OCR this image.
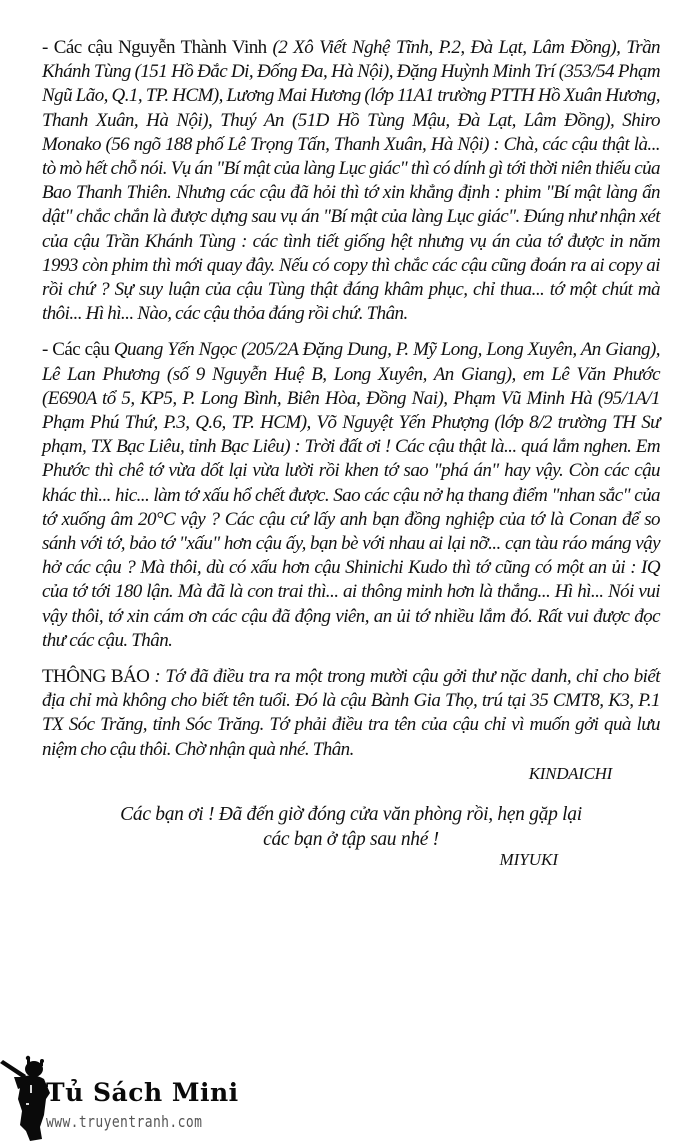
- Các cậu Nguyễn Thành Vinh (2 Xô Viết Nghệ Tĩnh, P.2, Đà Lạt, Lâm Đồng), Trần Khánh Tùng (151 Hồ Đắc Di, Đống Đa, Hà Nội), Đặng Huỳnh Minh Trí (353/54 Phạm Ngũ Lão, Q.1, TP. HCM), Lương Mai Hương (lớp 11A1 trường PTTH Hồ Xuân Hương, Thanh Xuân, Hà Nội), Thuý An (51D Hồ Tùng Mậu, Đà Lạt, Lâm Đồng), Shiro Monako (56 ngõ 188 phố Lê Trọng Tấn, Thanh Xuân, Hà Nội) : Chà, các cậu thật là... tò mò hết chỗ nói. Vụ án "Bí mật của làng Lục giác" thì có dính gì tới thời niên thiếu của Bao Thanh Thiên. Nhưng các cậu đã hỏi thì tớ xin khẳng định : phim "Bí mật làng ẩn dật" chắc chắn là được dựng sau vụ án "Bí mật của làng Lục giác". Đúng như nhận xét của cậu Trần Khánh Tùng : các tình tiết giống hệt nhưng vụ án của tớ được in năm 1993 còn phim thì mới quay đây. Nếu có copy thì chắc các cậu cũng đoán ra ai copy ai rồi chứ ? Sự suy luận của cậu Tùng thật đáng khâm phục, chỉ thua... tớ một chút mà thôi... Hì hì... Nào, các cậu thỏa đáng rồi chứ. Thân.

- Các cậu Quang Yến Ngọc (205/2A Đặng Dung, P. Mỹ Long, Long Xuyên, An Giang), Lê Lan Phương (số 9 Nguyễn Huệ B, Long Xuyên, An Giang), em Lê Văn Phước (E690A tổ 5, KP5, P. Long Bình, Biên Hòa, Đồng Nai), Phạm Vũ Minh Hà (95/1A/1 Phạm Phú Thứ, P.3, Q.6, TP. HCM), Võ Nguyệt Yến Phượng (lớp 8/2 trường TH Sư phạm, TX Bạc Liêu, tỉnh Bạc Liêu) : Trời đất ơi ! Các cậu thật là... quá lắm nghen. Em Phước thì chê tớ vừa dốt lại vừa lười rồi khen tớ sao "phá án" hay vậy. Còn các cậu khác thì... hic... làm tớ xấu hổ chết được. Sao các cậu nở hạ thang điểm "nhan sắc" của tớ xuống âm 20°C vậy ? Các cậu cứ lấy anh bạn đồng nghiệp của tớ là Conan để so sánh với tớ, bảo tớ "xấu" hơn cậu ấy, bạn bè với nhau ai lại nỡ... cạn tàu ráo máng vậy hở các cậu ? Mà thôi, dù có xấu hơn cậu Shinichi Kudo thì tớ cũng có một an ủi : IQ của tớ tới 180 lận. Mà đã là con trai thì... ai thông minh hơn là thắng... Hì hì... Nói vui vậy thôi, tớ xin cám ơn các cậu đã động viên, an ủi tớ nhiều lắm đó. Rất vui được đọc thư các cậu. Thân.

THÔNG BÁO : Tớ đã điều tra ra một trong mười cậu gởi thư nặc danh, chỉ cho biết địa chỉ mà không cho biết tên tuổi. Đó là cậu Bành Gia Thọ, trú tại 35 CMT8, K3, P.1 TX Sóc Trăng, tỉnh Sóc Trăng. Tớ phải điều tra tên của cậu chỉ vì muốn gởi quà lưu niệm cho cậu thôi. Chờ nhận quà nhé. Thân.

KINDAICHI
Các bạn ơi ! Đã đến giờ đóng cửa văn phòng rồi, hẹn gặp lại
các bạn ở tập sau nhé !
MIYUKI
Tủ Sách Mini
www.truyentranh.com
